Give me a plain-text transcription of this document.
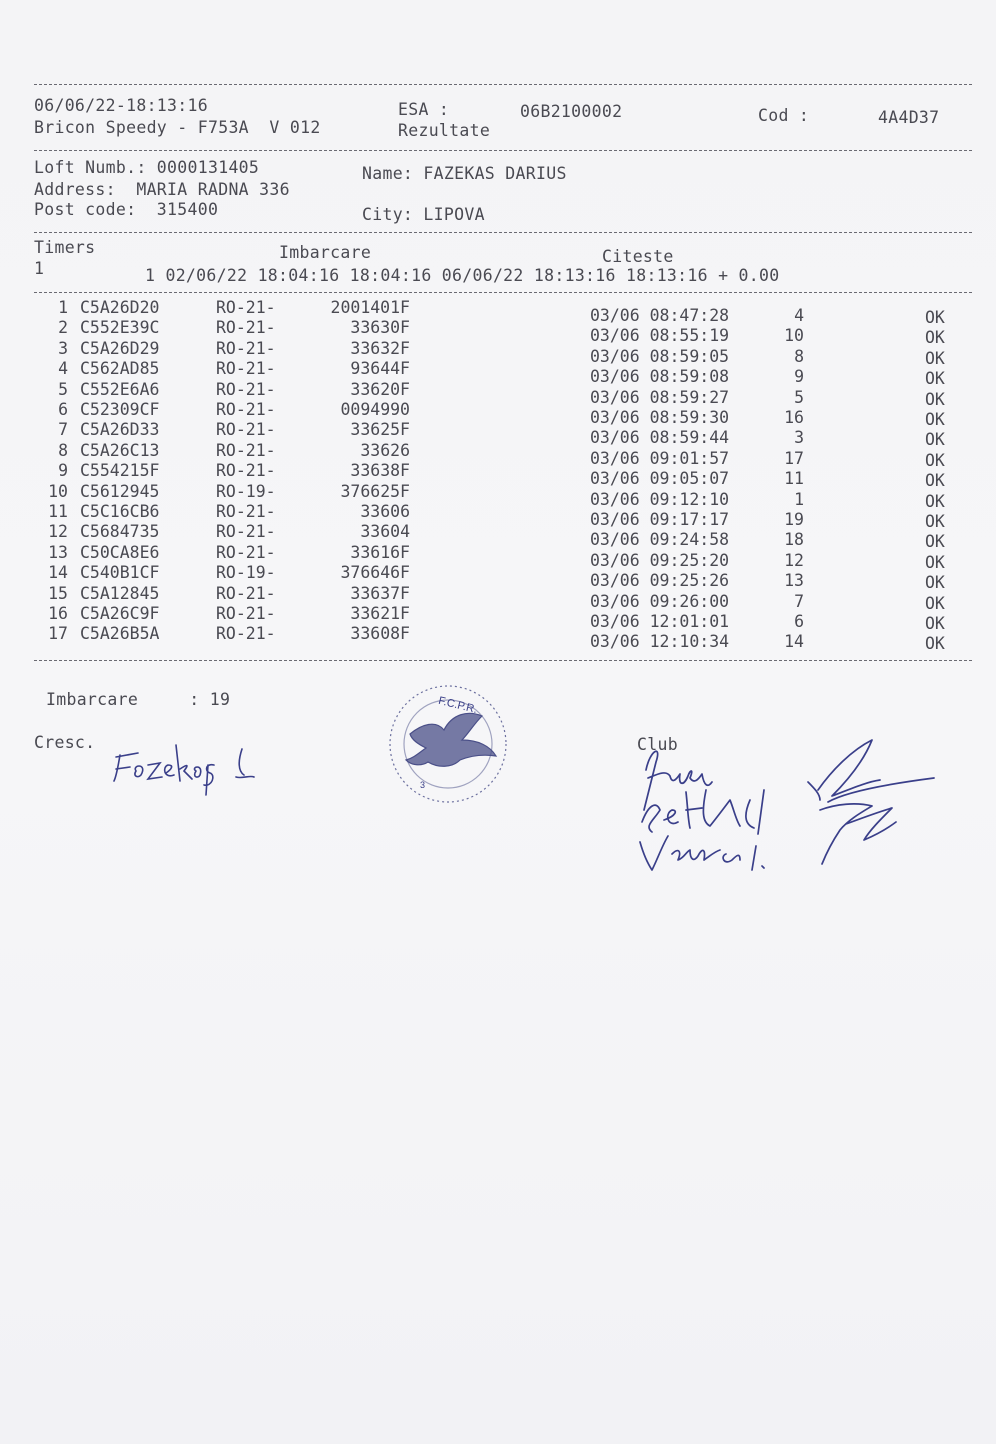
06/06/22-18:13:16
Bricon Speedy - F753A  V 012
ESA :	06B2100002
Rezultate
Cod :	4A4D37
Loft Numb.: 0000131405	Name: FAZEKAS DARIUS
Address:  MARIA RADNA 336
Post code:  315400	City: LIPOVA
Timers	Imbarcare	Citeste
1	1 02/06/22 18:04:16 18:04:16 06/06/22 18:13:16 18:13:16 + 0.00
1 C5A26D20	RO-21-	2001401F	03/06 08:47:28	4	OK
2 C552E39C	RO-21-	33630F	03/06 08:55:19	10	OK
3 C5A26D29	RO-21-	33632F	03/06 08:59:05	8	OK
4 C562AD85	RO-21-	93644F	03/06 08:59:08	9	OK
5 C552E6A6	RO-21-	33620F	03/06 08:59:27	5	OK
6 C52309CF	RO-21-	0094990	03/06 08:59:30	16	OK
7 C5A26D33	RO-21-	33625F	03/06 08:59:44	3	OK
8 C5A26C13	RO-21-	33626	03/06 09:01:57	17	OK
9 C554215F	RO-21-	33638F	03/06 09:05:07	11	OK
10 C5612945	RO-19-	376625F	03/06 09:12:10	1	OK
11 C5C16CB6	RO-21-	33606	03/06 09:17:17	19	OK
12 C5684735	RO-21-	33604	03/06 09:24:58	18	OK
13 C50CA8E6	RO-21-	33616F	03/06 09:25:20	12	OK
14 C540B1CF	RO-19-	376646F	03/06 09:25:26	13	OK
15 C5A12845	RO-21-	33637F	03/06 09:26:00	7	OK
16 C5A26C9F	RO-21-	33621F	03/06 12:01:01	6	OK
17 C5A26B5A	RO-21-	33608F	03/06 12:10:34	14	OK
Imbarcare     : 19
Cresc.	Club
F.C.P.R.
3
